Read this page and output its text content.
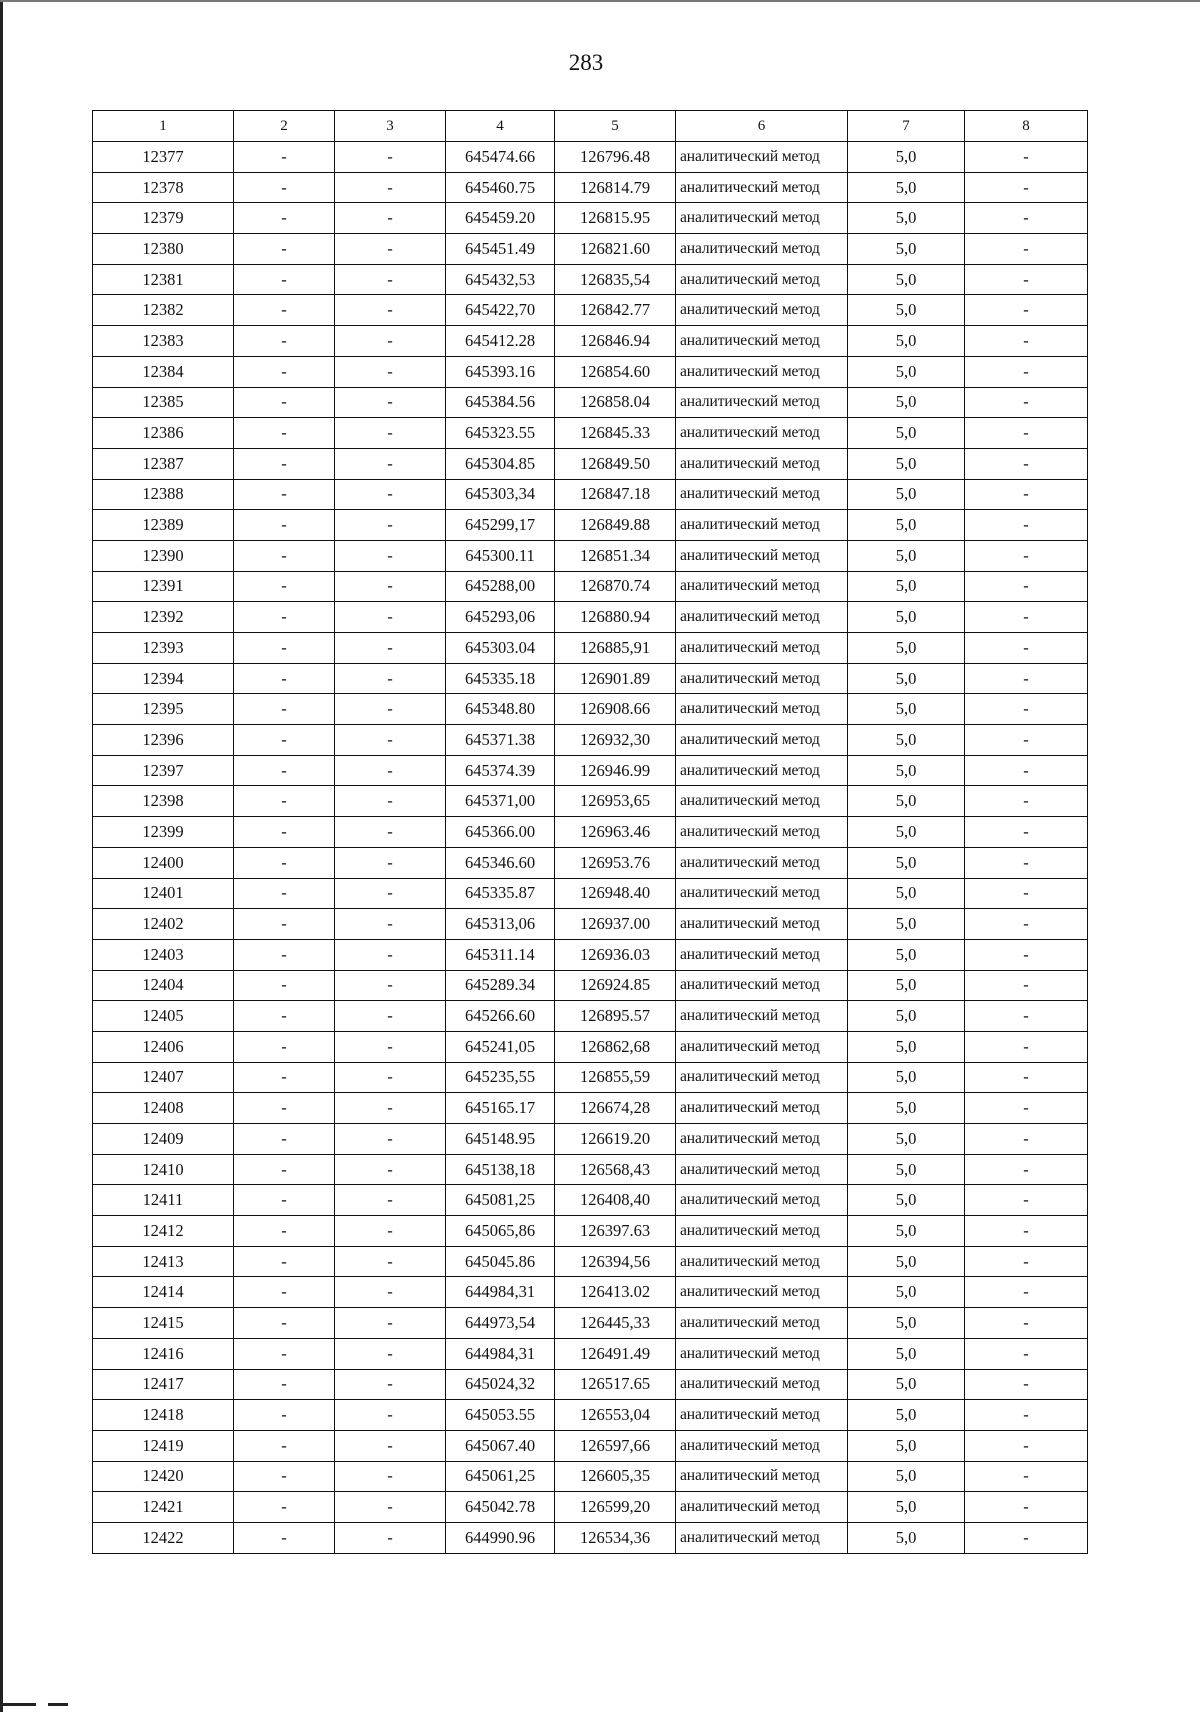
283
1	2	3	4	5	6	7	8
12377	-	-	645474.66	126796.48	аналитический метод	5,0	-
12378	-	-	645460.75	126814.79	аналитический метод	5,0	-
12379	-	-	645459.20	126815.95	аналитический метод	5,0	-
12380	-	-	645451.49	126821.60	аналитический метод	5,0	-
12381	-	-	645432,53	126835,54	аналитический метод	5,0	-
12382	-	-	645422,70	126842.77	аналитический метод	5,0	-
12383	-	-	645412.28	126846.94	аналитический метод	5,0	-
12384	-	-	645393.16	126854.60	аналитический метод	5,0	-
12385	-	-	645384.56	126858.04	аналитический метод	5,0	-
12386	-	-	645323.55	126845.33	аналитический метод	5,0	-
12387	-	-	645304.85	126849.50	аналитический метод	5,0	-
12388	-	-	645303,34	126847.18	аналитический метод	5,0	-
12389	-	-	645299,17	126849.88	аналитический метод	5,0	-
12390	-	-	645300.11	126851.34	аналитический метод	5,0	-
12391	-	-	645288,00	126870.74	аналитический метод	5,0	-
12392	-	-	645293,06	126880.94	аналитический метод	5,0	-
12393	-	-	645303.04	126885,91	аналитический метод	5,0	-
12394	-	-	645335.18	126901.89	аналитический метод	5,0	-
12395	-	-	645348.80	126908.66	аналитический метод	5,0	-
12396	-	-	645371.38	126932,30	аналитический метод	5,0	-
12397	-	-	645374.39	126946.99	аналитический метод	5,0	-
12398	-	-	645371,00	126953,65	аналитический метод	5,0	-
12399	-	-	645366.00	126963.46	аналитический метод	5,0	-
12400	-	-	645346.60	126953.76	аналитический метод	5,0	-
12401	-	-	645335.87	126948.40	аналитический метод	5,0	-
12402	-	-	645313,06	126937.00	аналитический метод	5,0	-
12403	-	-	645311.14	126936.03	аналитический метод	5,0	-
12404	-	-	645289.34	126924.85	аналитический метод	5,0	-
12405	-	-	645266.60	126895.57	аналитический метод	5,0	-
12406	-	-	645241,05	126862,68	аналитический метод	5,0	-
12407	-	-	645235,55	126855,59	аналитический метод	5,0	-
12408	-	-	645165.17	126674,28	аналитический метод	5,0	-
12409	-	-	645148.95	126619.20	аналитический метод	5,0	-
12410	-	-	645138,18	126568,43	аналитический метод	5,0	-
12411	-	-	645081,25	126408,40	аналитический метод	5,0	-
12412	-	-	645065,86	126397.63	аналитический метод	5,0	-
12413	-	-	645045.86	126394,56	аналитический метод	5,0	-
12414	-	-	644984,31	126413.02	аналитический метод	5,0	-
12415	-	-	644973,54	126445,33	аналитический метод	5,0	-
12416	-	-	644984,31	126491.49	аналитический метод	5,0	-
12417	-	-	645024,32	126517.65	аналитический метод	5,0	-
12418	-	-	645053.55	126553,04	аналитический метод	5,0	-
12419	-	-	645067.40	126597,66	аналитический метод	5,0	-
12420	-	-	645061,25	126605,35	аналитический метод	5,0	-
12421	-	-	645042.78	126599,20	аналитический метод	5,0	-
12422	-	-	644990.96	126534,36	аналитический метод	5,0	-
